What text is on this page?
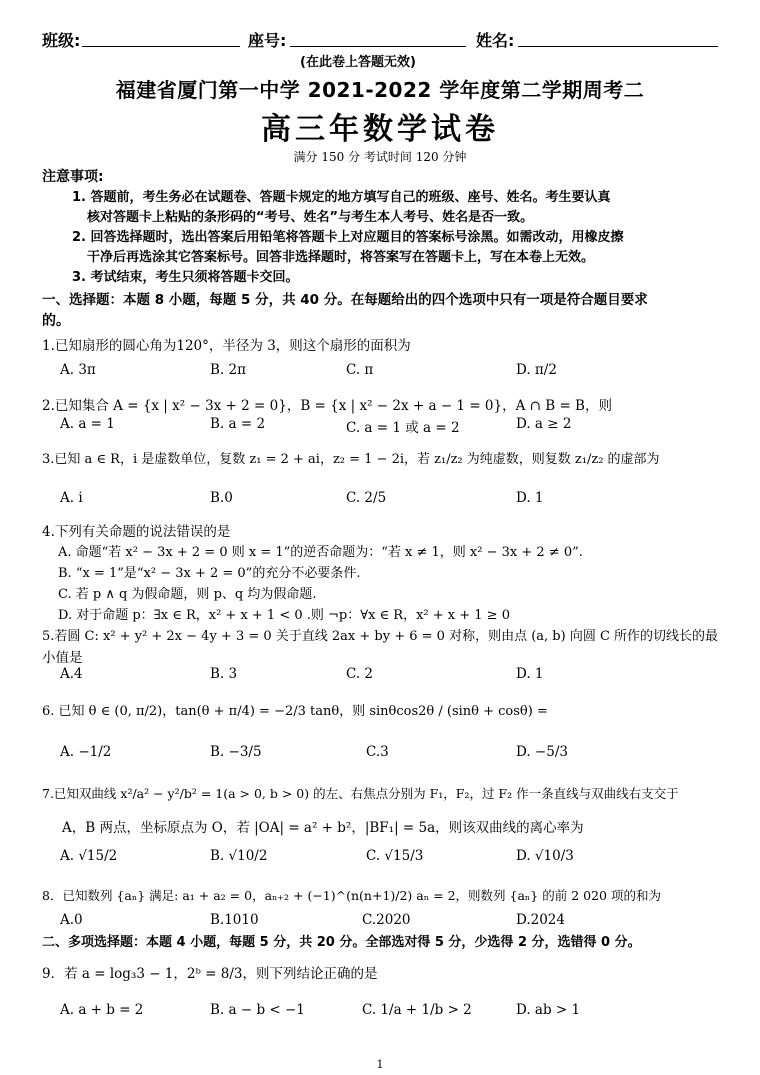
班级:	座号:	姓名:
(在此卷上答题无效)
福建省厦门第一中学 2021-2022 学年度第二学期周考二
高三年数学试卷
满分 150 分 考试时间 120 分钟
注意事项:
1. 答题前，考生务必在试题卷、答题卡规定的地方填写自己的班级、座号、姓名。考生要认真
核对答题卡上粘贴的条形码的“考号、姓名”与考生本人考号、姓名是否一致。
2. 回答选择题时，选出答案后用铅笔将答题卡上对应题目的答案标号涂黑。如需改动，用橡皮擦
干净后再选涂其它答案标号。回答非选择题时，将答案写在答题卡上，写在本卷上无效。
3. 考试结束，考生只须将答题卡交回。
一、选择题：本题 8 小题，每题 5 分，共 40 分。在每题给出的四个选项中只有一项是符合题目要求
的。
1.已知扇形的圆心角为120°，半径为 3，则这个扇形的面积为
A. 3π	B. 2π	C. π	D. π/2
2.已知集合 A = {x | x² − 3x + 2 = 0}，B = {x | x² − 2x + a − 1 = 0}，A ∩ B = B，则
A. a = 1	B. a = 2	C. a = 1 或 a = 2	D. a ≥ 2
3.已知 a ∈ R，i 是虚数单位，复数 z₁ = 2 + ai，z₂ = 1 − 2i，若 z₁/z₂ 为纯虚数，则复数 z₁/z₂ 的虚部为
A. i	B.0	C. 2/5	D. 1
4.下列有关命题的说法错误的是
A. 命题“若 x² − 3x + 2 = 0 则 x = 1”的逆否命题为：“若 x ≠ 1，则 x² − 3x + 2 ≠ 0”.
B. “x = 1”是“x² − 3x + 2 = 0”的充分不必要条件.
C. 若 p ∧ q 为假命题，则 p、q 均为假命题.
D. 对于命题 p：∃x ∈ R，x² + x + 1 < 0 .则 ¬p：∀x ∈ R，x² + x + 1 ≥ 0
5.若圆 C: x² + y² + 2x − 4y + 3 = 0 关于直线 2ax + by + 6 = 0 对称，则由点 (a, b) 向圆 C 所作的切线长的最
小值是
A.4	B. 3	C. 2	D. 1
6. 已知 θ ∈ (0, π/2)，tan(θ + π/4) = −2/3 tanθ，则 sinθcos2θ / (sinθ + cosθ) =
A. −1/2	B. −3/5	C.3	D. −5/3
7.已知双曲线 x²/a² − y²/b² = 1(a > 0, b > 0) 的左、右焦点分别为 F₁，F₂，过 F₂ 作一条直线与双曲线右支交于
A，B 两点，坐标原点为 O，若 |OA| = a² + b²，|BF₁| = 5a，则该双曲线的离心率为
A. √15/2	B. √10/2	C. √15/3	D. √10/3
8．已知数列 {aₙ} 满足: a₁ + a₂ = 0，aₙ₊₂ + (−1)^(n(n+1)/2) aₙ = 2，则数列 {aₙ} 的前 2 020 项的和为
A.0	B.1010	C.2020	D.2024
二、多项选择题：本题 4 小题，每题 5 分，共 20 分。全部选对得 5 分，少选得 2 分，选错得 0 分。
9．若 a = log₃3 − 1，2ᵇ = 8/3，则下列结论正确的是
A. a + b = 2	B. a − b < −1	C. 1/a + 1/b > 2	D. ab > 1
1
